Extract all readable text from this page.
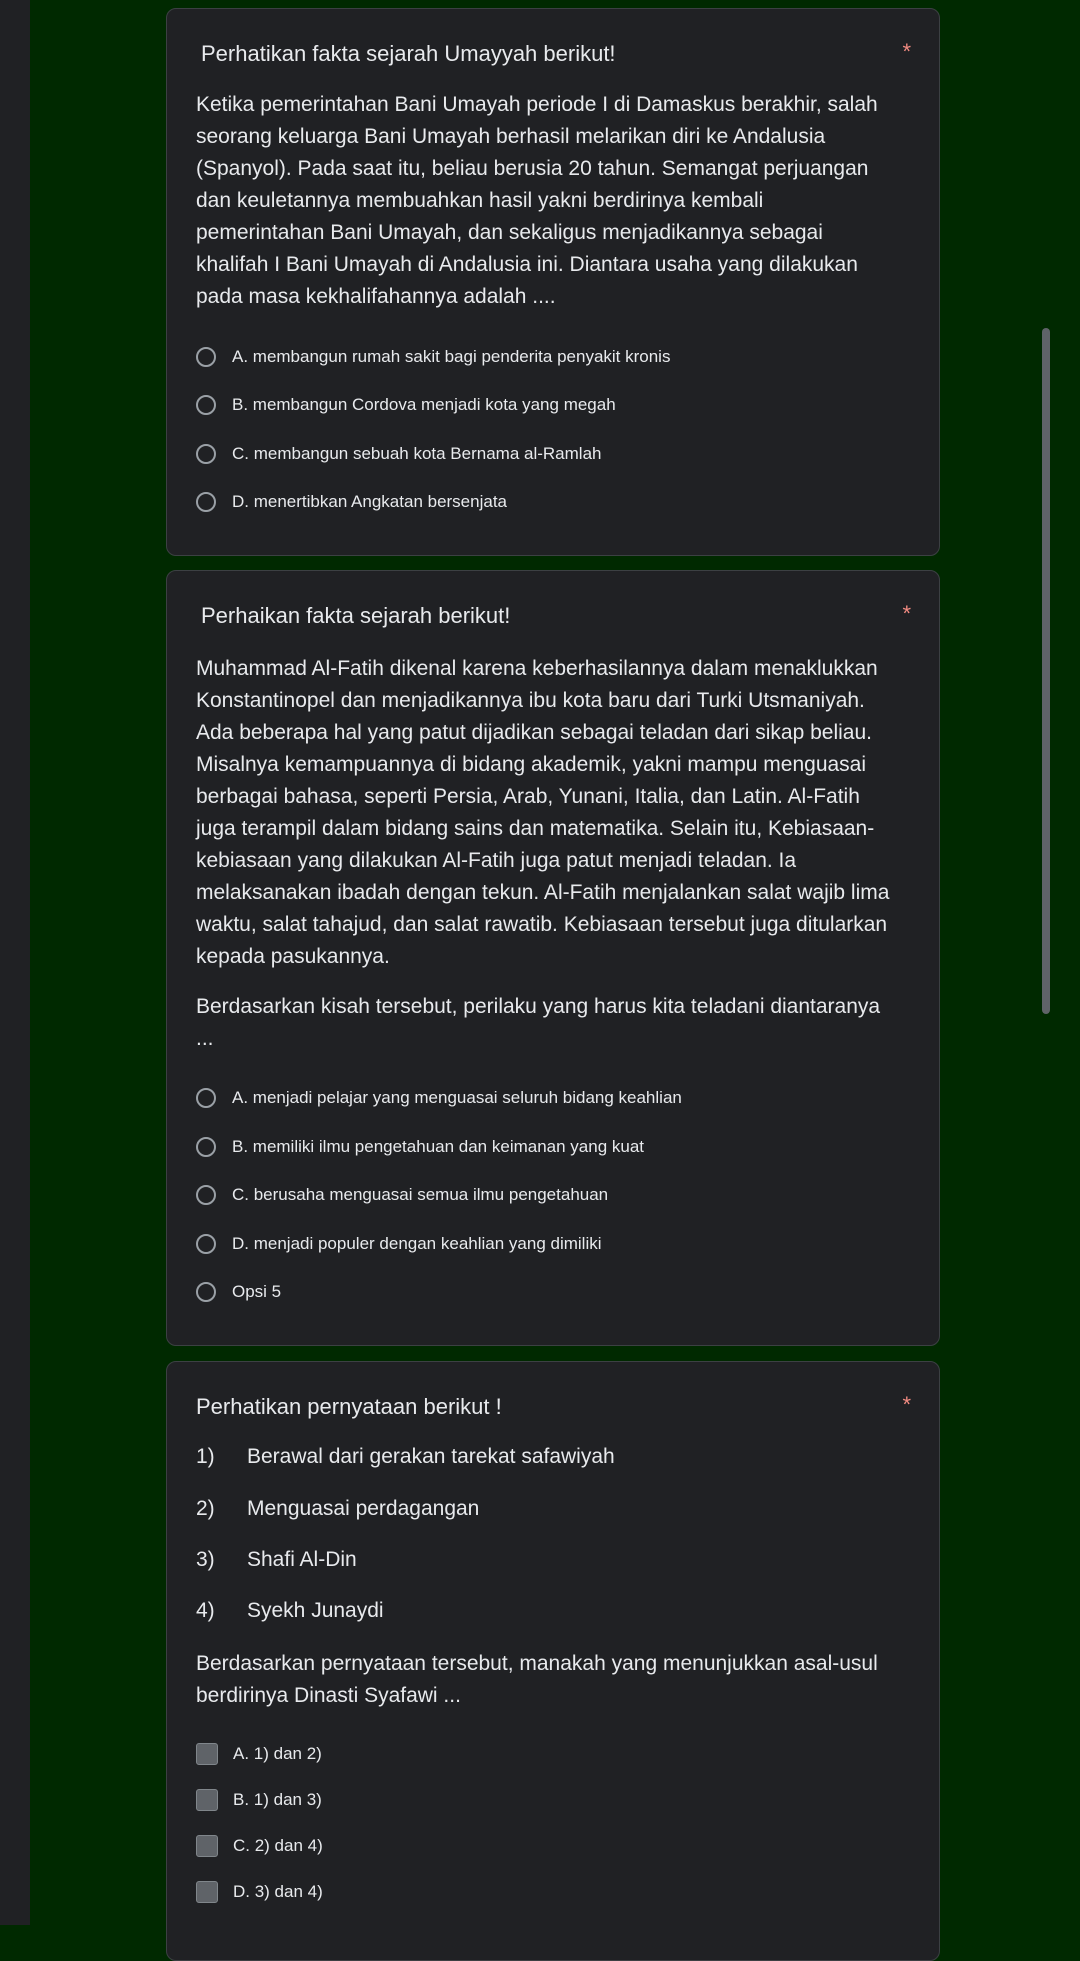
Perhatikan fakta sejarah Umayyah berikut!	*
Ketika pemerintahan Bani Umayah periode I di Damaskus berakhir, salah
seorang keluarga Bani Umayah berhasil melarikan diri ke Andalusia
(Spanyol). Pada saat itu, beliau berusia 20 tahun. Semangat perjuangan
dan keuletannya membuahkan hasil yakni berdirinya kembali
pemerintahan Bani Umayah, dan sekaligus menjadikannya sebagai
khalifah I Bani Umayah di Andalusia ini. Diantara usaha yang dilakukan
pada masa kekhalifahannya adalah ....
A. membangun rumah sakit bagi penderita penyakit kronis
B. membangun Cordova menjadi kota yang megah
C. membangun sebuah kota Bernama al-Ramlah
D. menertibkan Angkatan bersenjata
Perhaikan fakta sejarah berikut!	*
Muhammad Al-Fatih dikenal karena keberhasilannya dalam menaklukkan
Konstantinopel dan menjadikannya ibu kota baru dari Turki Utsmaniyah.
Ada beberapa hal yang patut dijadikan sebagai teladan dari sikap beliau.
Misalnya kemampuannya di bidang akademik, yakni mampu menguasai
berbagai bahasa, seperti Persia, Arab, Yunani, Italia, dan Latin. Al-Fatih
juga terampil dalam bidang sains dan matematika. Selain itu, Kebiasaan-
kebiasaan yang dilakukan Al-Fatih juga patut menjadi teladan. Ia
melaksanakan ibadah dengan tekun. Al-Fatih menjalankan salat wajib lima
waktu, salat tahajud, dan salat rawatib. Kebiasaan tersebut juga ditularkan
kepada pasukannya.
Berdasarkan kisah tersebut, perilaku yang harus kita teladani diantaranya
...
A. menjadi pelajar yang menguasai seluruh bidang keahlian
B. memiliki ilmu pengetahuan dan keimanan yang kuat
C. berusaha menguasai semua ilmu pengetahuan
D. menjadi populer dengan keahlian yang dimiliki
Opsi 5
Perhatikan pernyataan berikut !	*
1) Berawal dari gerakan tarekat safawiyah
2) Menguasai perdagangan
3) Shafi Al-Din
4) Syekh Junaydi
Berdasarkan pernyataan tersebut, manakah yang menunjukkan asal-usul
berdirinya Dinasti Syafawi ...
A. 1) dan 2)
B. 1) dan 3)
C. 2) dan 4)
D. 3) dan 4)
